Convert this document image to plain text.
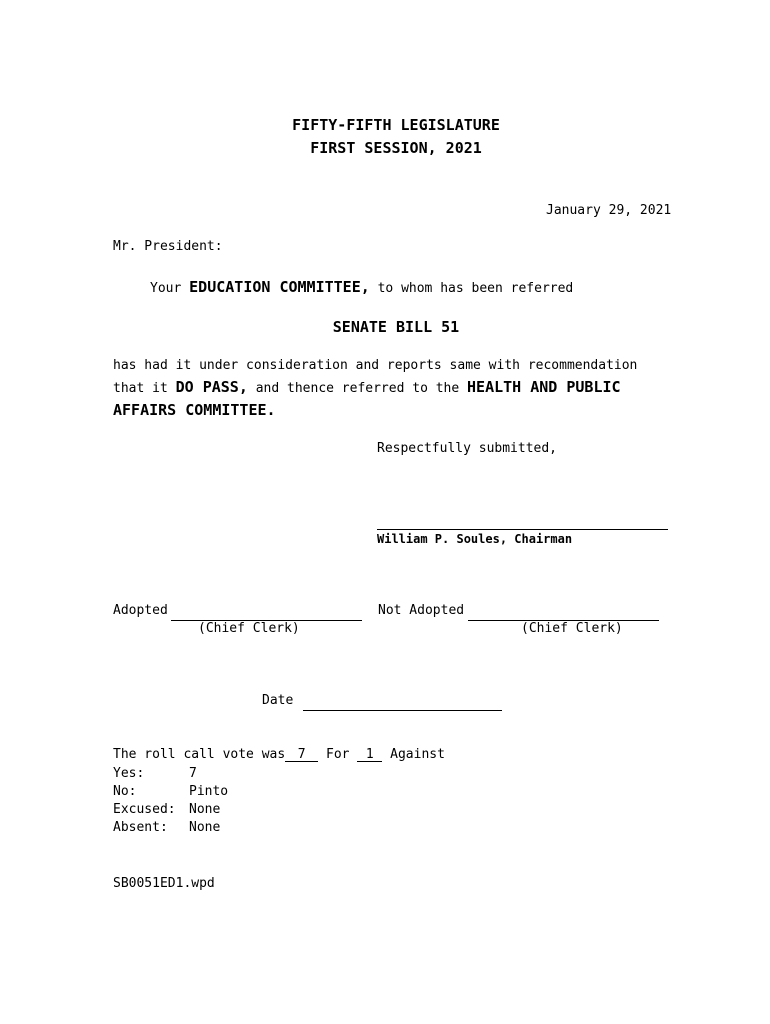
FIFTY-FIFTH LEGISLATURE
FIRST SESSION, 2021
January 29, 2021
Mr. President:
Your EDUCATION COMMITTEE, to whom has been referred
SENATE BILL 51
has had it under consideration and reports same with recommendation
that it DO PASS, and thence referred to the HEALTH AND PUBLIC
AFFAIRS COMMITTEE.
Respectfully submitted,
William P. Soules, Chairman
Adopted
(Chief Clerk)
Not Adopted
(Chief Clerk)
Date
The roll call vote was 7 For 1 Against
Yes:	7
No:	Pinto
Excused: None
Absent: None
SB0051ED1.wpd
